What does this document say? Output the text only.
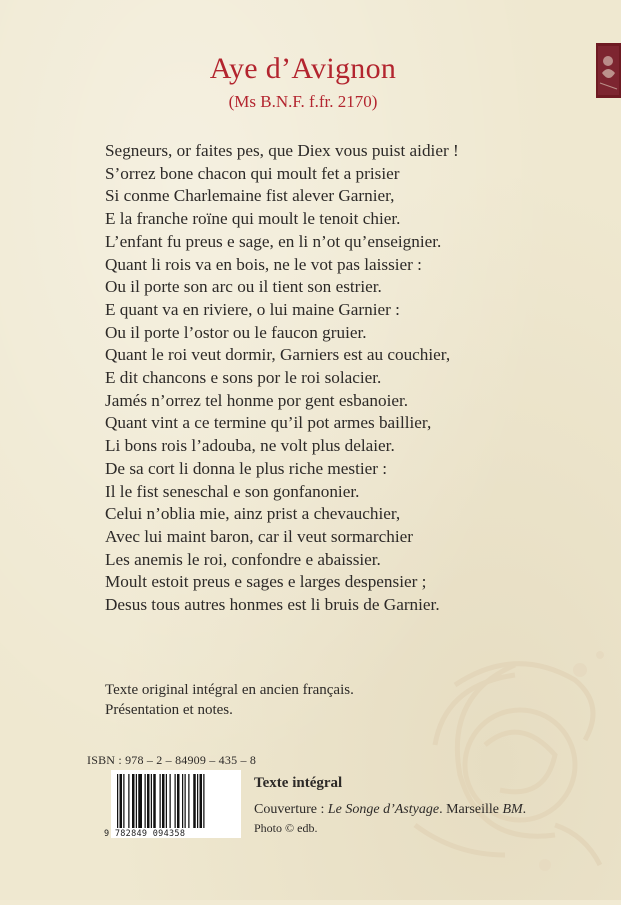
Aye d’Avignon
(Ms B.N.F. f.fr. 2170)
Segneurs, or faites pes, que Diex vous puist aidier !
S’orrez bone chacon qui moult fet a prisier
Si conme Charlemaine fist alever Garnier,
E la franche roïne qui moult le tenoit chier.
L’enfant fu preus e sage, en li n’ot qu’enseignier.
Quant li rois va en bois, ne le vot pas laissier :
Ou il porte son arc ou il tient son estrier.
E quant va en riviere, o lui maine Garnier :
Ou il porte l’ostor ou le faucon gruier.
Quant le roi veut dormir, Garniers est au couchier,
E dit chancons e sons por le roi solacier.
Jamés n’orrez tel honme por gent esbanoier.
Quant vint a ce termine qu’il pot armes baillier,
Li bons rois l’adouba, ne volt plus delaier.
De sa cort li donna le plus riche mestier :
Il le fist seneschal e son gonfanonier.
Celui n’oblia mie, ainz prist a chevauchier,
Avec lui maint baron, car il veut sormarchier
Les anemis le roi, confondre e abaissier.
Moult estoit preus e sages e larges despensier ;
Desus tous autres honmes est li bruis de Garnier.
Texte original intégral en ancien français.
Présentation et notes.
ISBN : 978 – 2 – 84909 – 435 – 8
9 782849 094358
Texte intégral
Couverture : Le Songe d’Astyage. Marseille BM.
Photo © edb.
